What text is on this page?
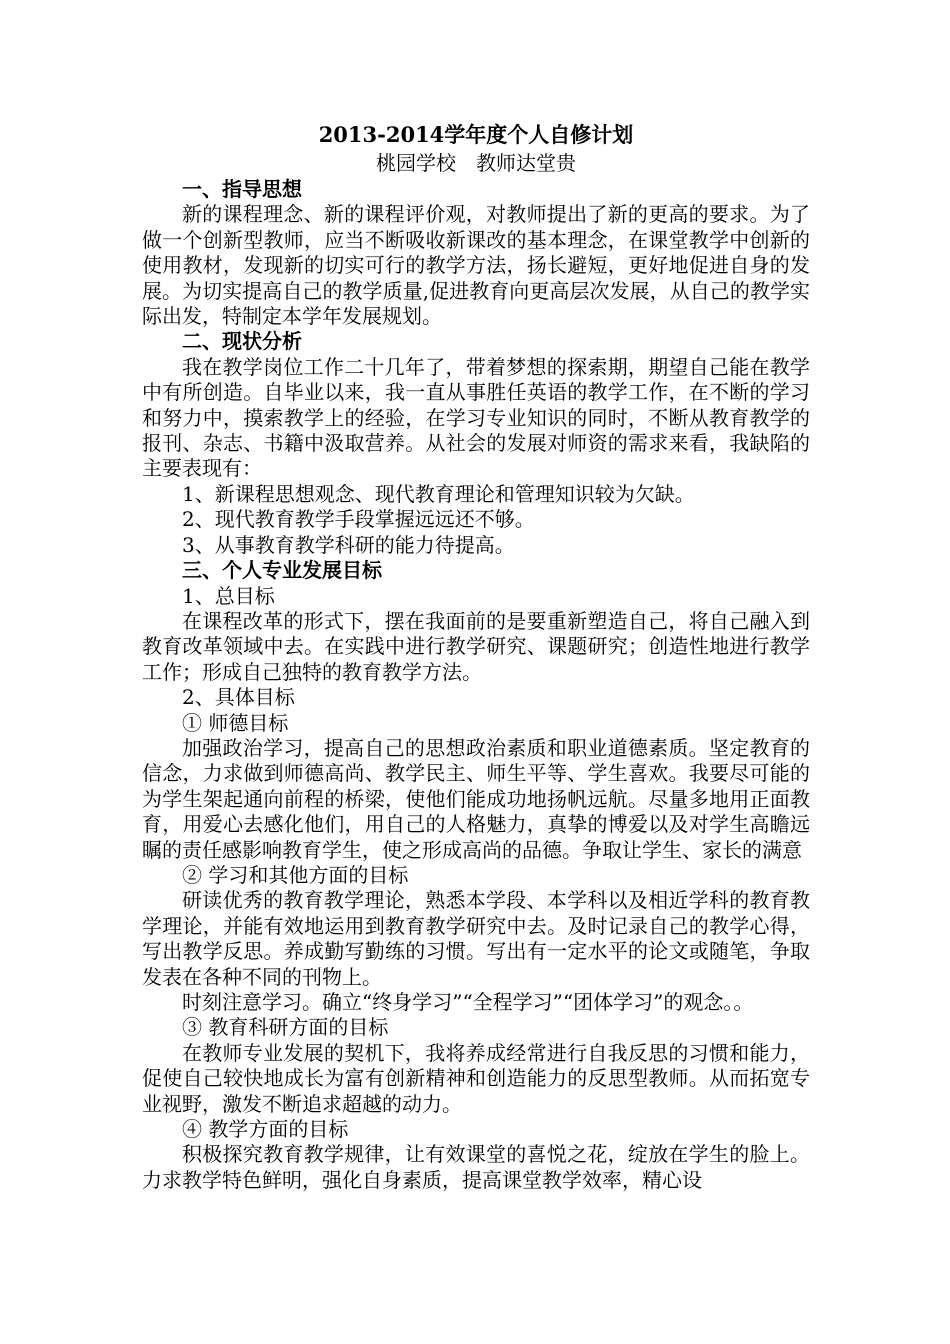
2013-2014学年度个人自修计划

桃园学校　教师达堂贵

一、指导思想

新的课程理念、新的课程评价观，对教师提出了新的更高的要求。为了做一个创新型教师，应当不断吸收新课改的基本理念，在课堂教学中创新的使用教材，发现新的切实可行的教学方法，扬长避短，更好地促进自身的发展。为切实提高自己的教学质量,促进教育向更高层次发展，从自己的教学实际出发，特制定本学年发展规划。

二、现状分析

我在教学岗位工作二十几年了，带着梦想的探索期，期望自己能在教学中有所创造。自毕业以来，我一直从事胜任英语的教学工作，在不断的学习和努力中，摸索教学上的经验，在学习专业知识的同时，不断从教育教学的报刊、杂志、书籍中汲取营养。从社会的发展对师资的需求来看，我缺陷的主要表现有：

1、新课程思想观念、现代教育理论和管理知识较为欠缺。

2、现代教育教学手段掌握远远还不够。

3、从事教育教学科研的能力待提高。

三、个人专业发展目标

1、总目标

在课程改革的形式下，摆在我面前的是要重新塑造自己，将自己融入到教育改革领域中去。在实践中进行教学研究、课题研究；创造性地进行教学工作；形成自己独特的教育教学方法。

2、具体目标

① 师德目标

加强政治学习，提高自己的思想政治素质和职业道德素质。坚定教育的信念，力求做到师德高尚、教学民主、师生平等、学生喜欢。我要尽可能的为学生架起通向前程的桥梁，使他们能成功地扬帆远航。尽量多地用正面教育，用爱心去感化他们，用自己的人格魅力，真挚的博爱以及对学生高瞻远瞩的责任感影响教育学生，使之形成高尚的品德。争取让学生、家长的满意

② 学习和其他方面的目标

研读优秀的教育教学理论，熟悉本学段、本学科以及相近学科的教育教学理论，并能有效地运用到教育教学研究中去。及时记录自己的教学心得，写出教学反思。养成勤写勤练的习惯。写出有一定水平的论文或随笔，争取发表在各种不同的刊物上。

时刻注意学习。确立“终身学习”“全程学习”“团体学习”的观念。。

③ 教育科研方面的目标

在教师专业发展的契机下，我将养成经常进行自我反思的习惯和能力，促使自己较快地成长为富有创新精神和创造能力的反思型教师。从而拓宽专业视野，激发不断追求超越的动力。

④ 教学方面的目标

积极探究教育教学规律，让有效课堂的喜悦之花，绽放在学生的脸上。力求教学特色鲜明，强化自身素质，提高课堂教学效率，精心设
